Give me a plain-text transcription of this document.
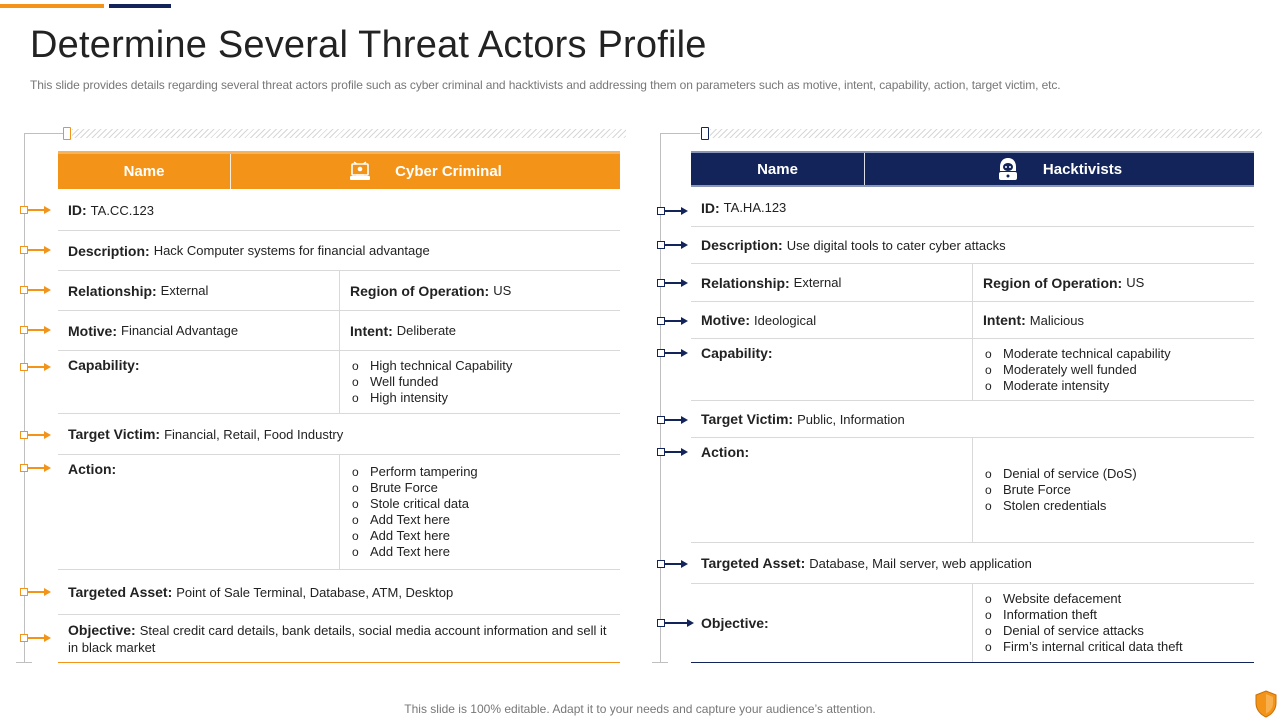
Determine Several Threat Actors Profile

This slide provides details regarding several threat actors profile such as cyber criminal and hacktivists and addressing them on parameters such as motive, intent, capability, action, target victim, etc.

Name	Cyber Criminal
ID: TA.CC.123
Description: Hack Computer systems for financial advantage
Relationship: External	Region of Operation: US
Motive: Financial Advantage	Intent: Deliberate
Capability:	o High technical Capability
o Well funded
o High intensity
Target Victim: Financial, Retail, Food Industry
Action:	o Perform tampering
o Brute Force
o Stole critical data
o Add Text here
o Add Text here
o Add Text here
Targeted Asset: Point of Sale Terminal, Database, ATM, Desktop
Objective: Steal credit card details, bank details, social media account information and sell it in black market
Name	Hacktivists
ID: TA.HA.123
Description: Use digital tools to cater cyber attacks
Relationship: External	Region of Operation: US
Motive: Ideological	Intent: Malicious
Capability:	o Moderate technical capability
o Moderately well funded
o Moderate intensity
Target Victim: Public, Information
Action:
o Denial of service (DoS)
o Brute Force
o Stolen credentials
Targeted Asset: Database, Mail server, web application
Objective:
o Website defacement
o Information theft
o Denial of service attacks
o Firm’s internal critical data theft

This slide is 100% editable. Adapt it to your needs and capture your audience’s attention.
